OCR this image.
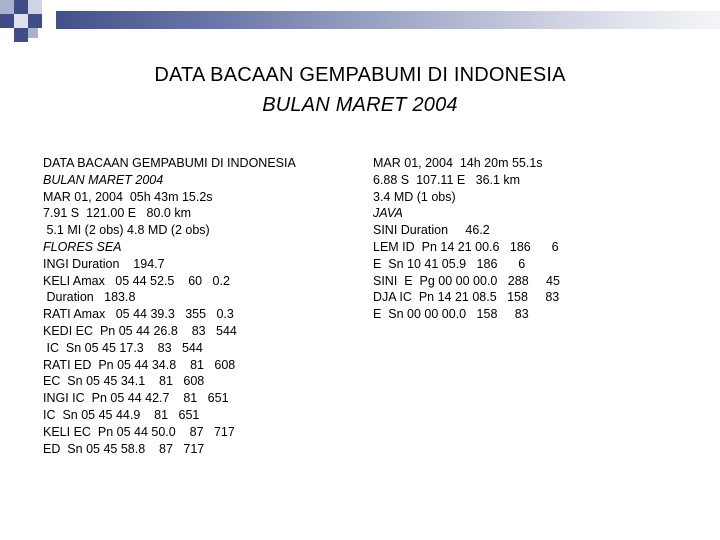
DATA BACAAN GEMPABUMI DI INDONESIA
BULAN MARET 2004
DATA BACAAN GEMPABUMI DI INDONESIA
BULAN MARET 2004
MAR 01, 2004  05h 43m 15.2s
7.91 S  121.00 E   80.0 km
5.1 MI (2 obs) 4.8 MD (2 obs)
FLORES SEA
INGI Duration    194.7
KELI Amax   05 44 52.5    60   0.2
Duration   183.8
RATI Amax   05 44 39.3   355   0.3
KEDI EC  Pn 05 44 26.8    83   544
IC  Sn 05 45 17.3    83   544
RATI ED  Pn 05 44 34.8    81   608
EC  Sn 05 45 34.1    81   608
INGI IC  Pn 05 44 42.7    81   651
IC  Sn 05 45 44.9    81   651
KELI EC  Pn 05 44 50.0    87   717
ED  Sn 05 45 58.8    87   717
MAR 01, 2004  14h 20m 55.1s
6.88 S  107.11 E   36.1 km
3.4 MD (1 obs)
JAVA
SINI Duration     46.2
LEM ID  Pn 14 21 00.6   186      6
E  Sn 10 41 05.9   186      6
SINI  E  Pg 00 00 00.0   288     45
DJA IC  Pn 14 21 08.5   158     83
E  Sn 00 00 00.0   158     83
